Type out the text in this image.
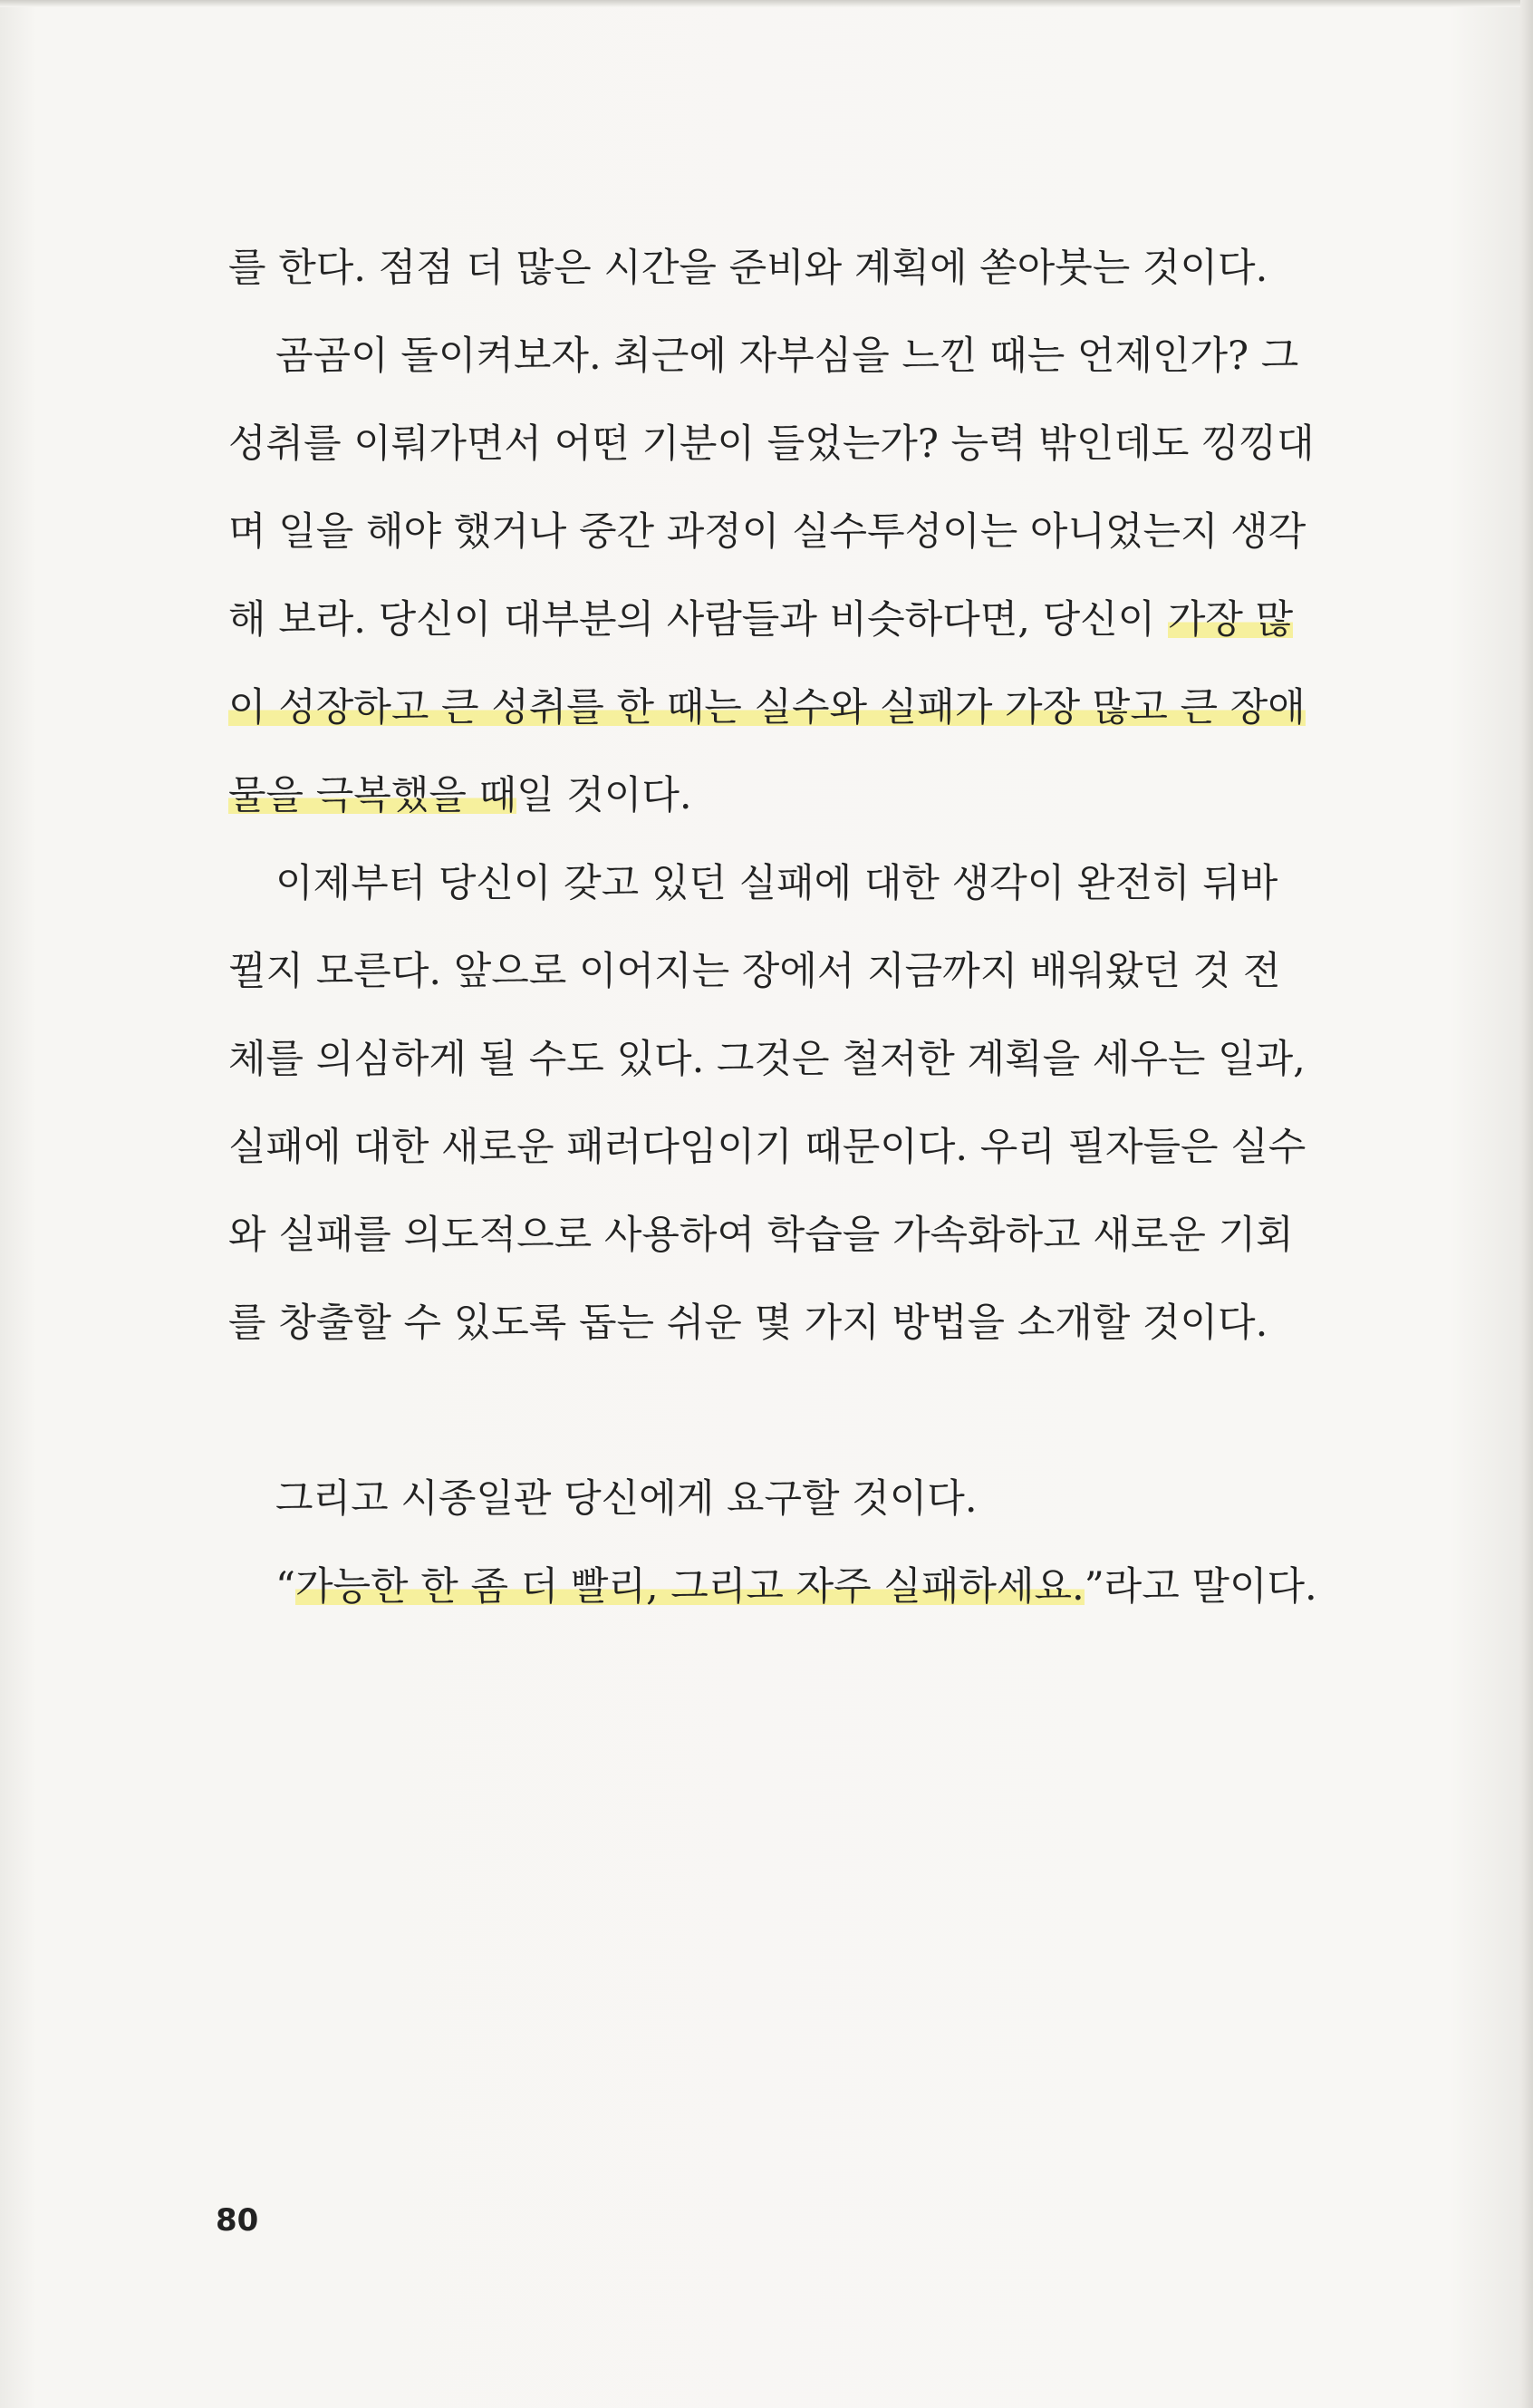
를 한다. 점점 더 많은 시간을 준비와 계획에 쏟아붓는 것이다.
곰곰이 돌이켜보자. 최근에 자부심을 느낀 때는 언제인가? 그
성취를 이뤄가면서 어떤 기분이 들었는가? 능력 밖인데도 낑낑대
며 일을 해야 했거나 중간 과정이 실수투성이는 아니었는지 생각
해 보라. 당신이 대부분의 사람들과 비슷하다면, 당신이 가장 많
이 성장하고 큰 성취를 한 때는 실수와 실패가 가장 많고 큰 장애
물을 극복했을 때일 것이다.
이제부터 당신이 갖고 있던 실패에 대한 생각이 완전히 뒤바
뀔지 모른다. 앞으로 이어지는 장에서 지금까지 배워왔던 것 전
체를 의심하게 될 수도 있다. 그것은 철저한 계획을 세우는 일과,
실패에 대한 새로운 패러다임이기 때문이다. 우리 필자들은 실수
와 실패를 의도적으로 사용하여 학습을 가속화하고 새로운 기회
를 창출할 수 있도록 돕는 쉬운 몇 가지 방법을 소개할 것이다.
그리고 시종일관 당신에게 요구할 것이다.
“가능한 한 좀 더 빨리, 그리고 자주 실패하세요.”라고 말이다.
80
